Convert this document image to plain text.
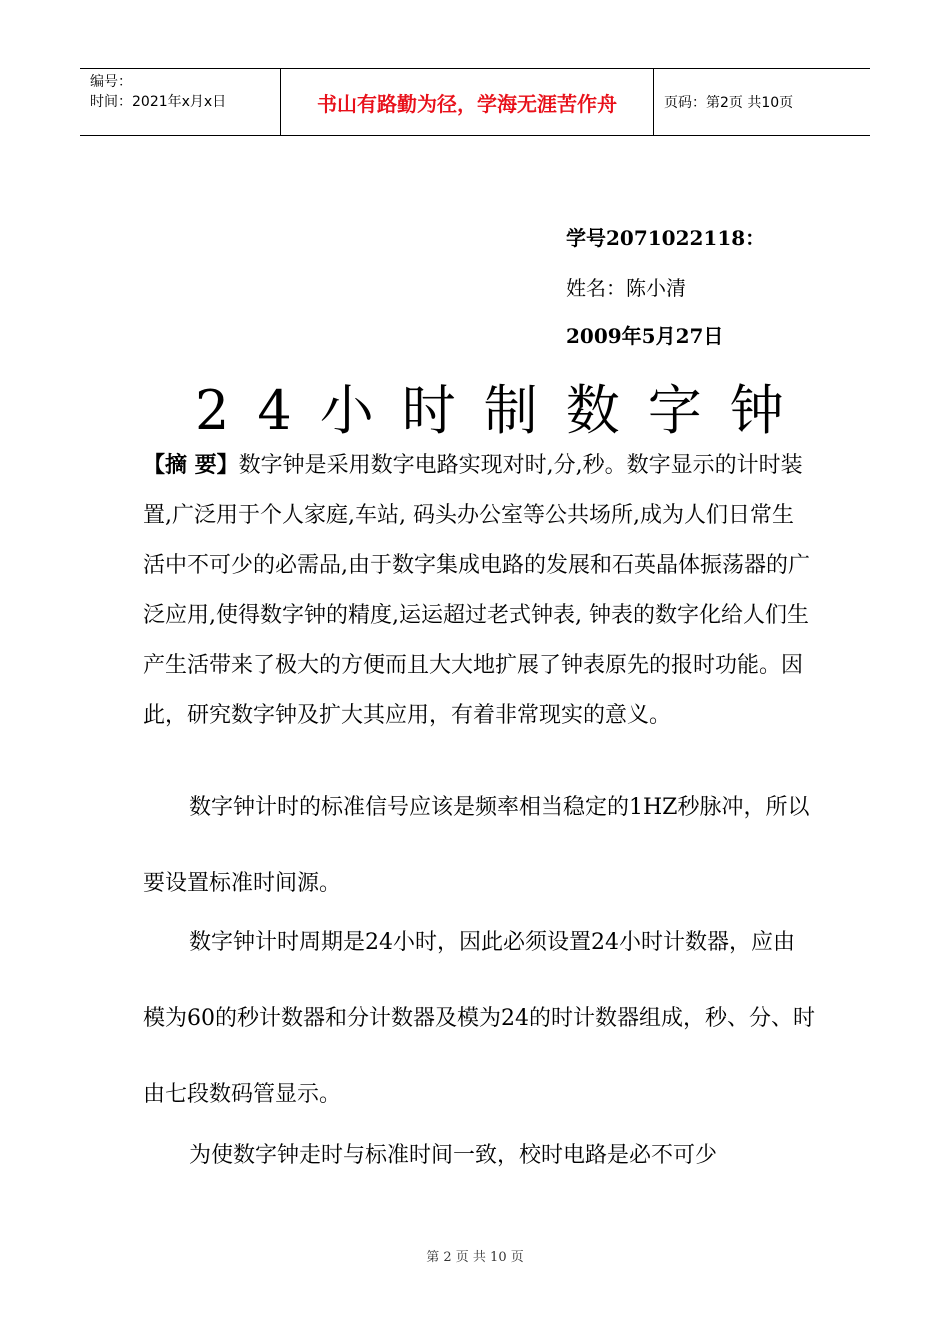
编号：
时间：2021年x月x日	书山有路勤为径，学海无涯苦作舟	页码：第2页 共10页
学号2071022118：
姓名：陈小清
2009年5月27日
24小时制数字钟

【摘 要】数字钟是采用数字电路实现对时,分,秒。数字显示的计时装置,广泛用于个人家庭,车站, 码头办公室等公共场所,成为人们日常生活中不可少的必需品,由于数字集成电路的发展和石英晶体振荡器的广泛应用,使得数字钟的精度,运运超过老式钟表, 钟表的数字化给人们生产生活带来了极大的方便而且大大地扩展了钟表原先的报时功能。因此，研究数字钟及扩大其应用，有着非常现实的意义。

数字钟计时的标准信号应该是频率相当稳定的1HZ秒脉冲，所以要设置标准时间源。

数字钟计时周期是24小时，因此必须设置24小时计数器，应由模为60的秒计数器和分计数器及模为24的时计数器组成，秒、分、时由七段数码管显示。

为使数字钟走时与标准时间一致，校时电路是必不可少

第 2 页 共 10 页
